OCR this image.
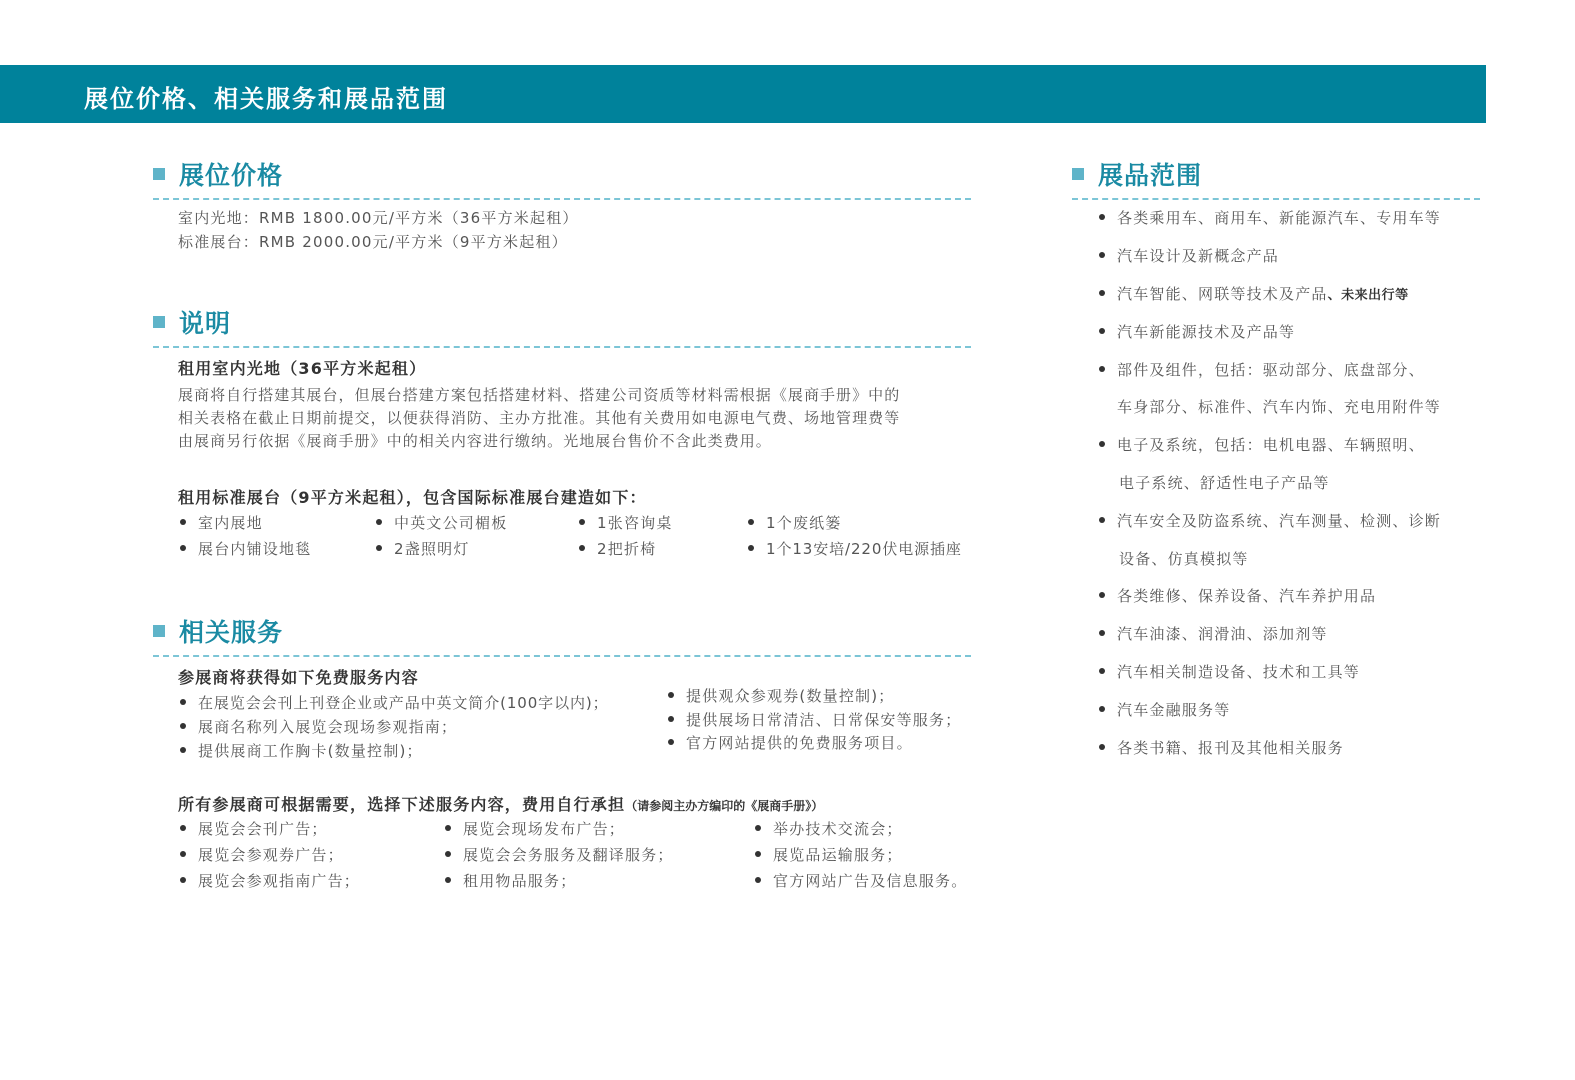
展位价格、相关服务和展品范围
展位价格
室内光地：RMB 1800.00元/平方米（36平方米起租）
标准展台：RMB 2000.00元/平方米（9平方米起租）
说明
租用室内光地（36平方米起租）
展商将自行搭建其展台，但展台搭建方案包括搭建材料、搭建公司资质等材料需根据《展商手册》中的
相关表格在截止日期前提交，以便获得消防、主办方批准。其他有关费用如电源电气费、场地管理费等
由展商另行依据《展商手册》中的相关内容进行缴纳。光地展台售价不含此类费用。
租用标准展台（9平方米起租），包含国际标准展台建造如下：
室内展地	中英文公司楣板	1张咨询桌	1个废纸篓
展台内铺设地毯	2盏照明灯	2把折椅	1个13安培/220伏电源插座
相关服务
参展商将获得如下免费服务内容
在展览会会刊上刊登企业或产品中英文简介(100字以内)；
展商名称列入展览会现场参观指南；
提供展商工作胸卡(数量控制)；
提供观众参观券(数量控制)；
提供展场日常清洁、日常保安等服务；
官方网站提供的免费服务项目。
所有参展商可根据需要，选择下述服务内容，费用自行承担（请参阅主办方编印的《展商手册》）
展览会会刊广告；
展览会参观券广告；
展览会参观指南广告；
展览会现场发布广告；
展览会会务服务及翻译服务；
租用物品服务；
举办技术交流会；
展览品运输服务；
官方网站广告及信息服务。
展品范围
各类乘用车、商用车、新能源汽车、专用车等
汽车设计及新概念产品
汽车智能、网联等技术及产品、未来出行等
汽车新能源技术及产品等
部件及组件，包括：驱动部分、底盘部分、
车身部分、标准件、汽车内饰、充电用附件等
电子及系统，包括：电机电器、车辆照明、
电子系统、舒适性电子产品等
汽车安全及防盗系统、汽车测量、检测、诊断
设备、仿真模拟等
各类维修、保养设备、汽车养护用品
汽车油漆、润滑油、添加剂等
汽车相关制造设备、技术和工具等
汽车金融服务等
各类书籍、报刊及其他相关服务
